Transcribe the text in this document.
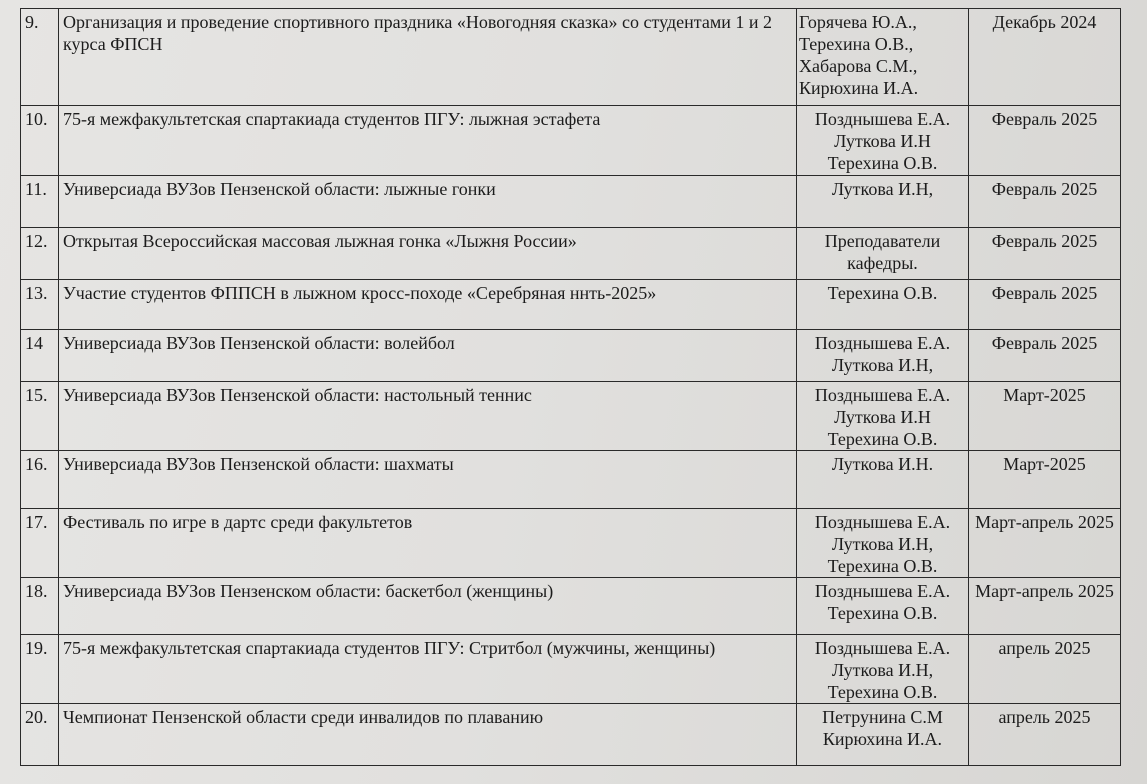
9.	Организация и проведение спортивного праздника «Новогодняя сказка» со студентами 1 и 2 курса ФПСН	Горячева Ю.А.,
Терехина О.В.,
Хабарова С.М.,
Кирюхина И.А.	Декабрь 2024
10.	75-я межфакультетская спартакиада студентов ПГУ: лыжная эстафета	Позднышева Е.А.
Луткова И.Н
Терехина О.В.	Февраль 2025
11.	Универсиада ВУЗов Пензенской области: лыжные гонки	Луткова И.Н,	Февраль 2025
12.	Открытая Всероссийская массовая лыжная гонка «Лыжня России»	Преподаватели
кафедры.	Февраль 2025
13.	Участие студентов ФППСН в лыжном кросс-походе «Серебряная ннть-2025»	Терехина О.В.	Февраль 2025
14	Универсиада ВУЗов Пензенской области: волейбол	Позднышева Е.А.
Луткова И.Н,	Февраль 2025
15.	Универсиада ВУЗов Пензенской области: настольный теннис	Позднышева Е.А.
Луткова И.Н
Терехина О.В.	Март-2025
16.	Универсиада ВУЗов Пензенской области: шахматы	Луткова И.Н.	Март-2025
17.	Фестиваль по игре в дартс среди факультетов	Позднышева Е.А.
Луткова И.Н,
Терехина О.В.	Март-апрель 2025
18.	Универсиада ВУЗов Пензенском области: баскетбол (женщины)	Позднышева Е.А.
Терехина О.В.	Март-апрель 2025
19.	75-я межфакультетская спартакиада студентов ПГУ: Стритбол (мужчины, женщины)	Позднышева Е.А.
Луткова И.Н,
Терехина О.В.	апрель 2025
20.	Чемпионат Пензенской области среди инвалидов по плаванию	Петрунина С.М
Кирюхина И.А.	апрель 2025
